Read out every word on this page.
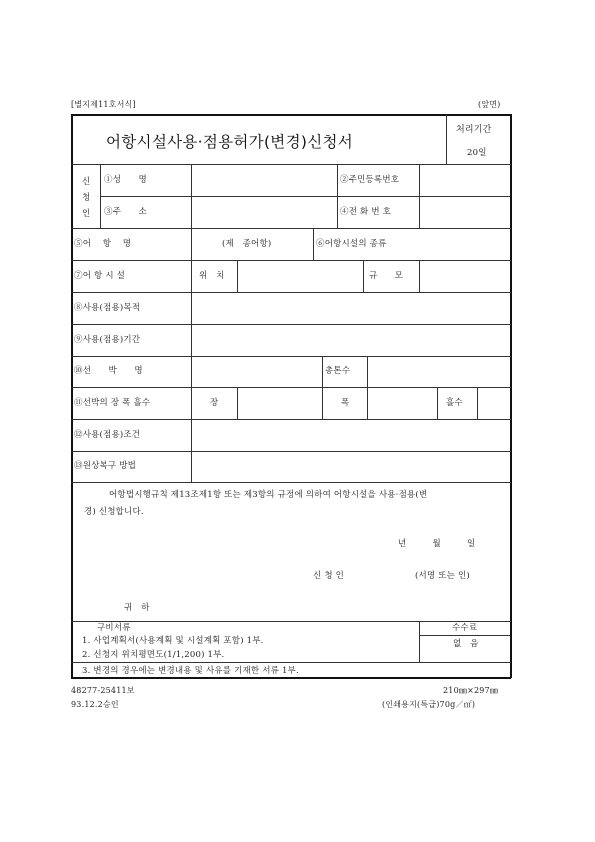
[별지제11호서식]	(앞면)
어항시설사용·점용허가(변경)신청서
처리기간
20일
신
청
인
①성　　명	②주민등록번호
③주　　소	④전 화 번 호
⑤어　 항　 명	(제　종어항)	⑥어항시설의 종류
⑦어 항 시 설	위　치	규　　모
⑧사용(점용)목적
⑨사용(점용)기간
⑩선　　박　　명	총톤수
⑪선박의 장 폭 흘수	장	폭	흘수
⑫사용(점용)조건
⑬원상복구 방법
어항법시행규칙 제13조제1항 또는 제3항의 규정에 의하여 어항시설을 사용·점용(변
경) 신청합니다.
년　　　월　　　일
신 청 인	(서명 또는 인)
귀　하
구비서류
1. 사업계획서(사용계획 및 시설계획 포함) 1부.
2. 신청지 위치평면도(1/1,200) 1부.
3. 변경의 경우에는 변경내용 및 사유를 기재한 서류 1부.
수수료
없　음
48277-25411보
93.12.2승인
210㎜×297㎜
(인쇄용지(특급)70g／㎡)
